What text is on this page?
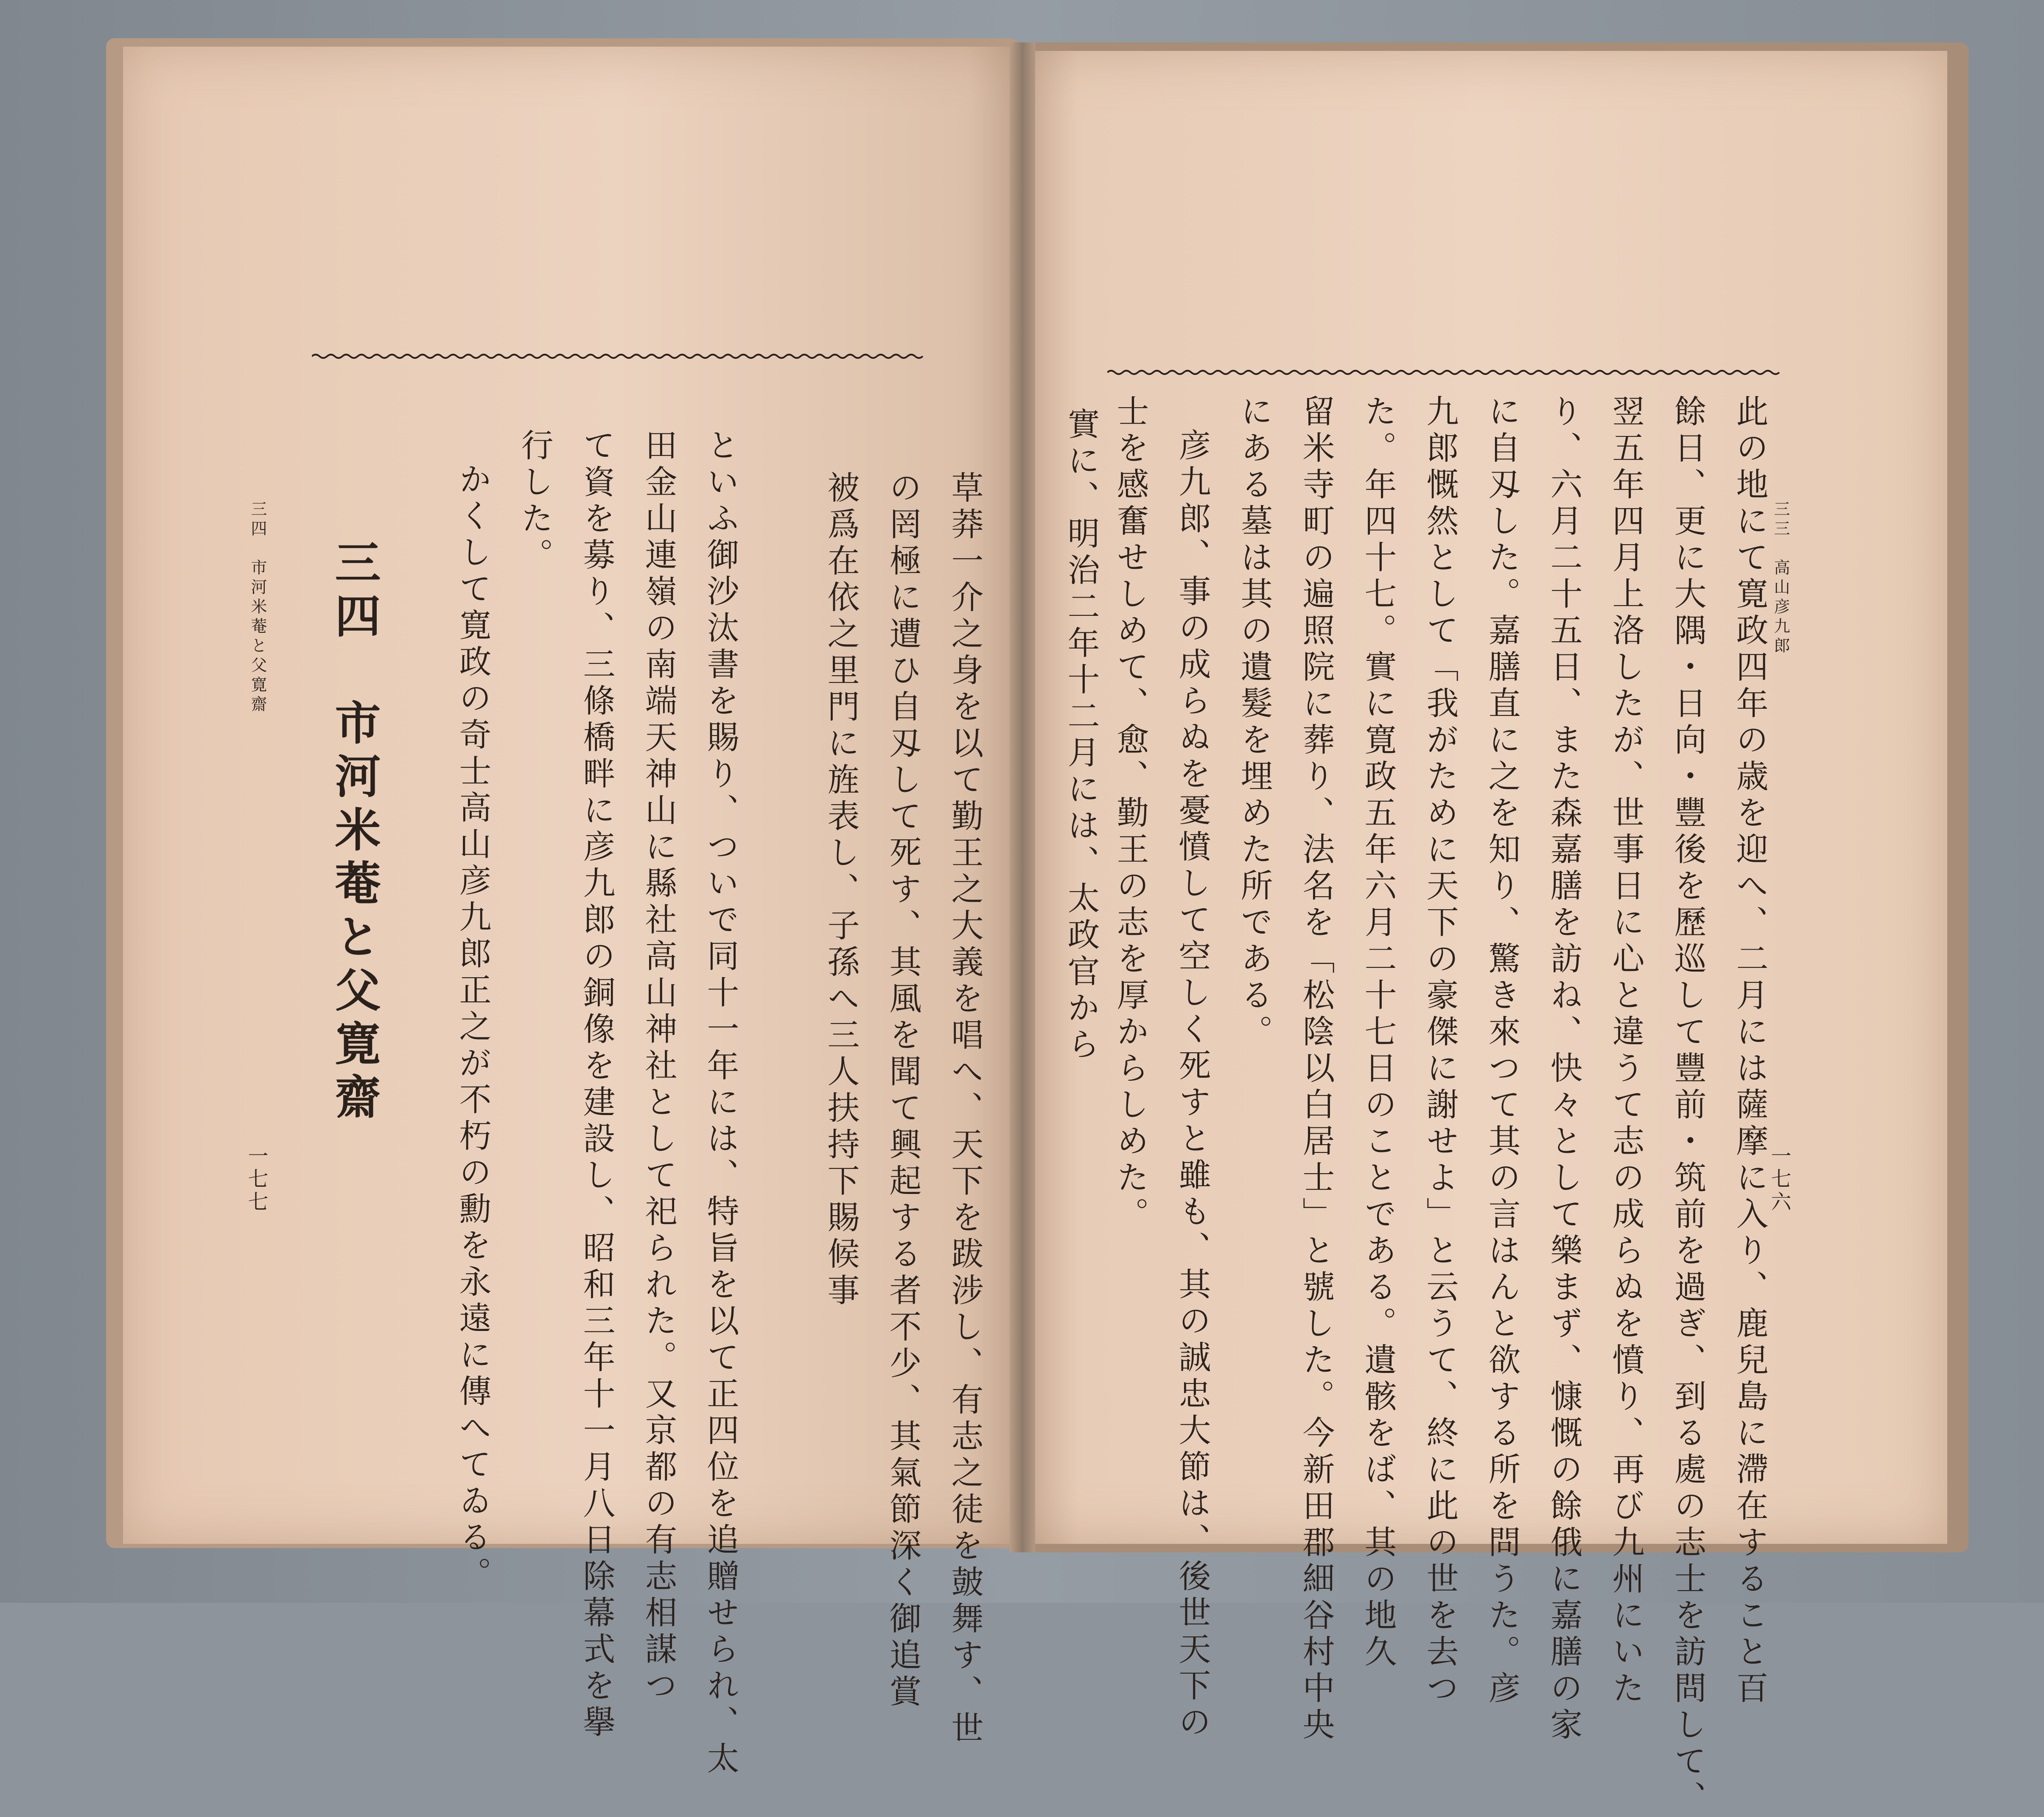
三三　高山彦九郎
一七六
此の地にて寛政四年の歳を迎へ、二月には薩摩に入り、鹿兒島に滯在すること百
餘日、更に大隅・日向・豐後を歷巡して豐前・筑前を過ぎ、到る處の志士を訪問して、
翌五年四月上洛したが、世事日に心と違うて志の成らぬを憤り、再び九州にいた
り、六月二十五日、また森嘉膳を訪ね、快々として樂まず、慷慨の餘俄に嘉膳の家
に自刄した。嘉膳直に之を知り、驚き來つて其の言はんと欲する所を問うた。彦
九郎慨然として「我がために天下の豪傑に謝せよ」と云うて、終に此の世を去つ
た。年四十七。實に寛政五年六月二十七日のことである。遺骸をば、其の地久
留米寺町の遍照院に葬り、法名を「松陰以白居士」と號した。今新田郡細谷村中央
にある墓は其の遺髮を埋めた所である。
彦九郎、事の成らぬを憂憤して空しく死すと雖も、其の誠忠大節は、後世天下の
士を感奮せしめて、愈、勤王の志を厚からしめた。
實に、明治二年十二月には、太政官から
草莽一介之身を以て勤王之大義を唱へ、天下を跋涉し、有志之徒を皷舞す、世
の罔極に遭ひ自刄して死す、其風を聞て興起する者不少、其氣節深く御追賞
被爲在依之里門に旌表し、子孫へ三人扶持下賜候事
といふ御沙汰書を賜り、ついで同十一年には、特旨を以て正四位を追贈せられ、太
田金山連嶺の南端天神山に縣社高山神社として祀られた。又京都の有志相謀つ
て資を募り、三條橋畔に彦九郎の銅像を建設し、昭和三年十一月八日除幕式を擧
行した。
かくして寛政の奇士高山彦九郎正之が不朽の勳を永遠に傳へてゐる。
三四　市河米菴と父寛齋
三四　市河米菴と父寛齋
一七七
